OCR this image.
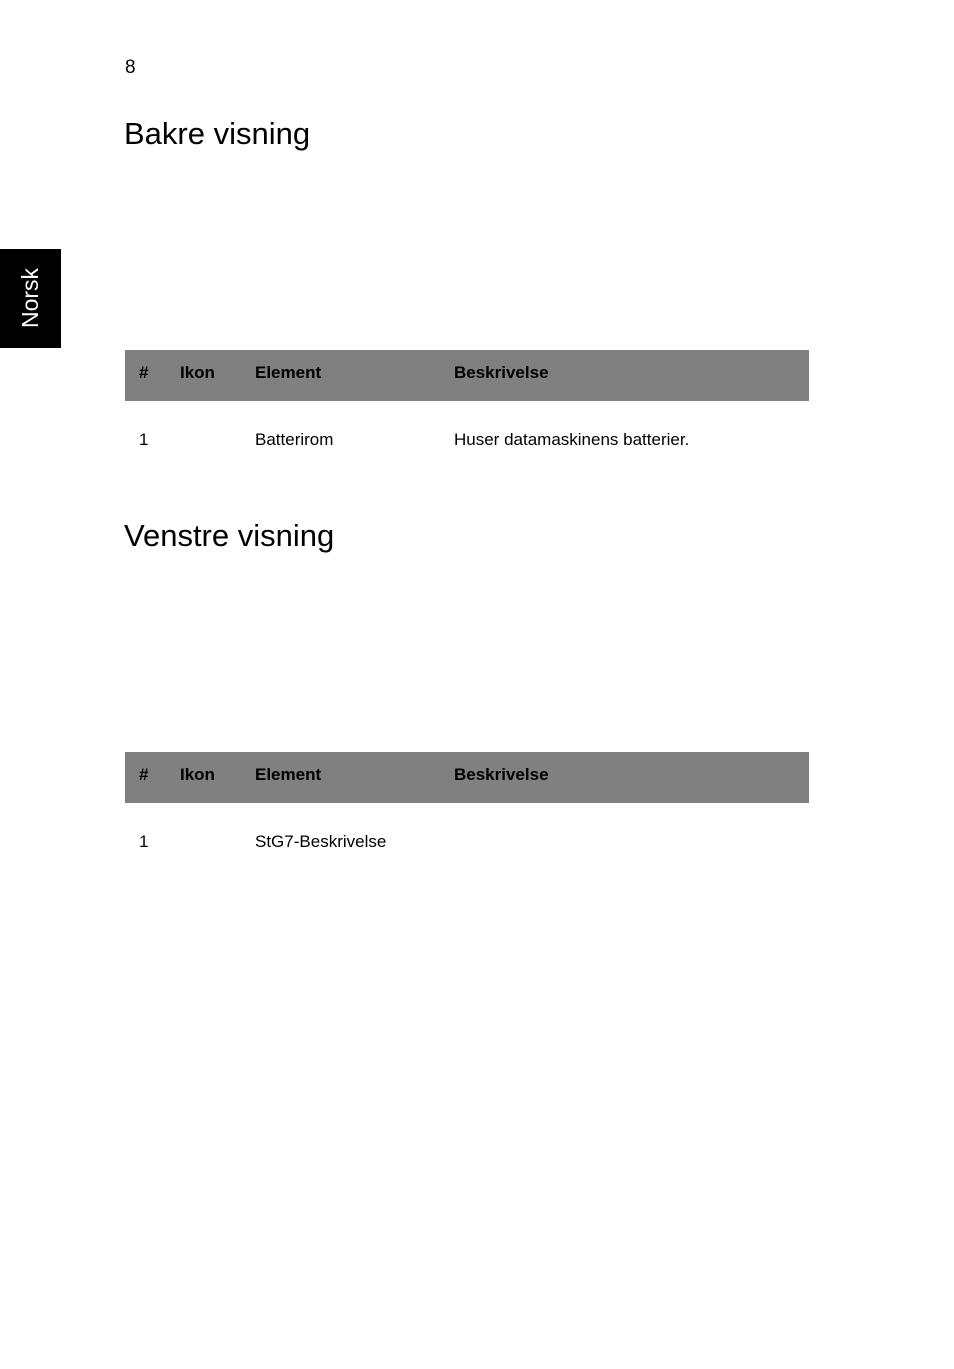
8
Norsk
Bakre visning
#	Ikon	Element	Beskrivelse
1		Batterirom	Huser datamaskinens batterier.
Venstre visning
#	Ikon	Element	Beskrivelse
1		StG7-Beskrivelse	
